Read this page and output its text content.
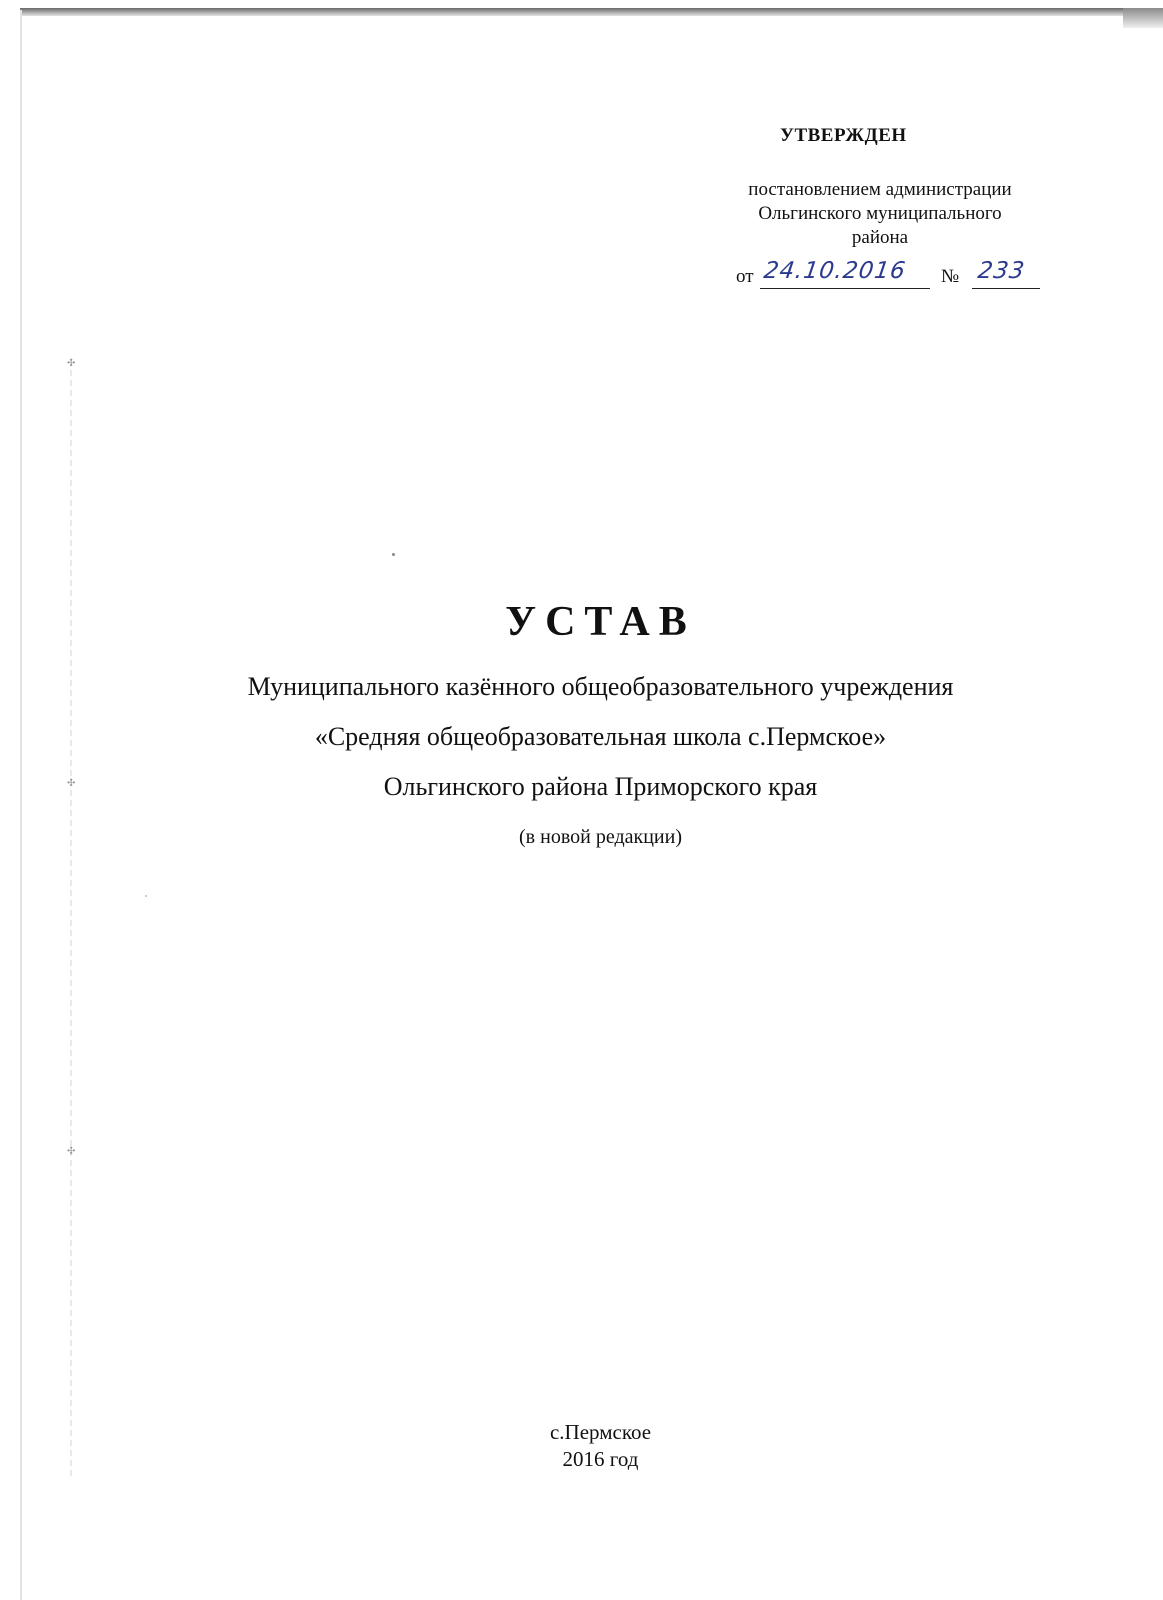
✣
✣
✣
УТВЕРЖДЕН
постановлением администрации
Ольгинского муниципального
района
от 24.10.2016 № 233
УСТАВ
Муниципального казённого общеобразовательного учреждения
«Средняя общеобразовательная школа с.Пермское»
Ольгинского района Приморского края
(в новой редакции)
с.Пермское
2016 год
